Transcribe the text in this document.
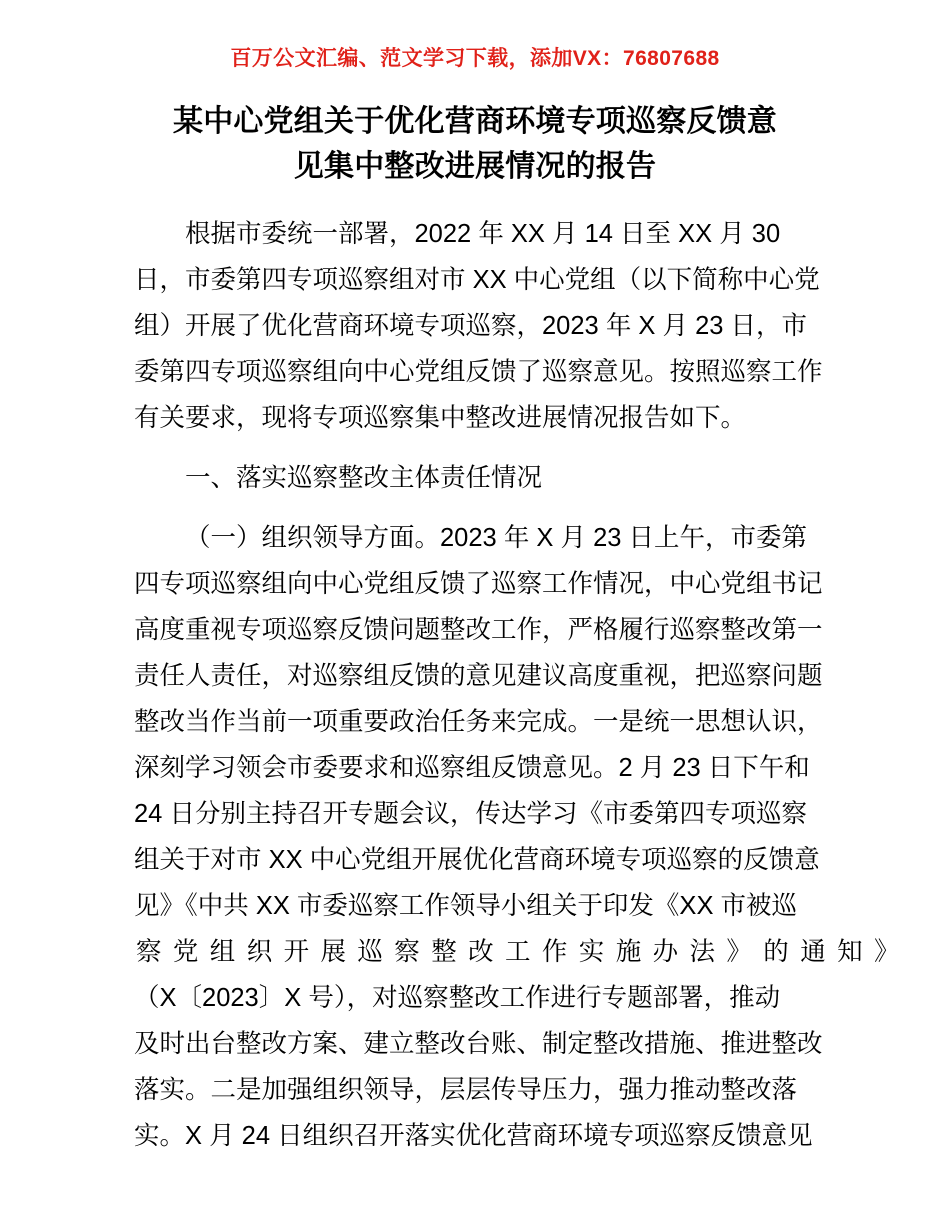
百万公文汇编、范文学习下载，添加VX：76807688
某中心党组关于优化营商环境专项巡察反馈意
见集中整改进展情况的报告
根据市委统一部署，2022 年 XX 月 14 日至 XX 月 30
日，市委第四专项巡察组对市 XX 中心党组（以下简称中心党
组）开展了优化营商环境专项巡察，2023 年 X 月 23 日，市
委第四专项巡察组向中心党组反馈了巡察意见。按照巡察工作
有关要求，现将专项巡察集中整改进展情况报告如下。
一、落实巡察整改主体责任情况
（一）组织领导方面。2023 年 X 月 23 日上午，市委第
四专项巡察组向中心党组反馈了巡察工作情况，中心党组书记
高度重视专项巡察反馈问题整改工作，严格履行巡察整改第一
责任人责任，对巡察组反馈的意见建议高度重视，把巡察问题
整改当作当前一项重要政治任务来完成。一是统一思想认识，
深刻学习领会市委要求和巡察组反馈意见。2 月 23 日下午和
24 日分别主持召开专题会议，传达学习《市委第四专项巡察
组关于对市 XX 中心党组开展优化营商环境专项巡察的反馈意
见》《中共 XX 市委巡察工作领导小组关于印发《XX 市被巡
察党组织开展巡察整改工作实施办法》的通知》
（X〔2023〕X 号），对巡察整改工作进行专题部署，推动
及时出台整改方案、建立整改台账、制定整改措施、推进整改
落实。二是加强组织领导，层层传导压力，强力推动整改落
实。X 月 24 日组织召开落实优化营商环境专项巡察反馈意见
